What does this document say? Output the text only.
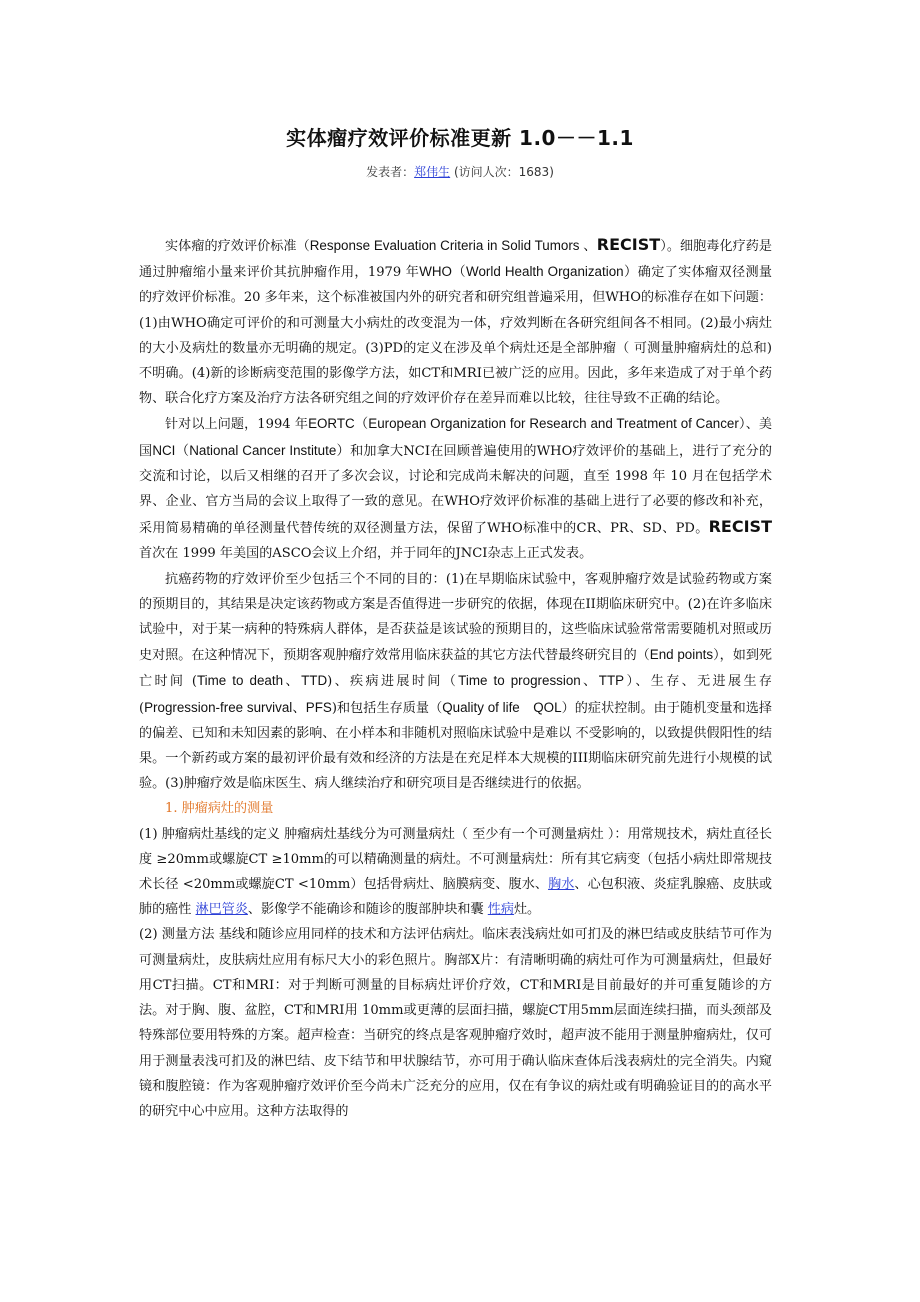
实体瘤疗效评价标准更新 1.0－－1.1
发表者：郑伟生 (访问人次：1683)

实体瘤的疗效评价标准（Response Evaluation Criteria in Solid Tumors 、RECIST）。细胞毒化疗药是通过肿瘤缩小量来评价其抗肿瘤作用，1979 年WHO（World Health Organization）确定了实体瘤双径测量的疗效评价标准。20 多年来，这个标准被国内外的研究者和研究组普遍采用，但WHO的标准存在如下问题：(1)由WHO确定可评价的和可测量大小病灶的改变混为一体，疗效判断在各研究组间各不相同。(2)最小病灶的大小及病灶的数量亦无明确的规定。(3)PD的定义在涉及单个病灶还是全部肿瘤（ 可测量肿瘤病灶的总和)不明确。(4)新的诊断病变范围的影像学方法，如CT和MRI已被广泛的应用。因此，多年来造成了对于单个药物、联合化疗方案及治疗方法各研究组之间的疗效评价存在差异而难以比较，往往导致不正确的结论。

针对以上问题，1994 年EORTC（European Organization for Research and Treatment of Cancer）、美国NCI（National Cancer Institute）和加拿大NCI在回顾普遍使用的WHO疗效评价的基础上，进行了充分的交流和讨论，以后又相继的召开了多次会议，讨论和完成尚未解决的问题，直至 1998 年 10 月在包括学术界、企业、官方当局的会议上取得了一致的意见。在WHO疗效评价标准的基础上进行了必要的修改和补充，采用简易精确的单径测量代替传统的双径测量方法，保留了WHO标准中的CR、PR、SD、PD。RECIST首次在 1999 年美国的ASCO会议上介绍，并于同年的JNCI杂志上正式发表。

抗癌药物的疗效评价至少包括三个不同的目的：(1)在早期临床试验中，客观肿瘤疗效是试验药物或方案的预期目的，其结果是决定该药物或方案是否值得进一步研究的依据，体现在II期临床研究中。(2)在许多临床试验中，对于某一病种的特殊病人群体，是否获益是该试验的预期目的，这些临床试验常常需要随机对照或历史对照。在这种情况下，预期客观肿瘤疗效常用临床获益的其它方法代替最终研究目的（End points），如到死亡时间 (Time to death、TTD)、疾病进展时间（Time to progression、TTP）、生存、无进展生存 (Progression-free survival、PFS)和包括生存质量（Quality of life　QOL）的症状控制。由于随机变量和选择的偏差、已知和未知因素的影响、在小样本和非随机对照临床试验中是难以 不受影响的，以致提供假阳性的结果。一个新药或方案的最初评价最有效和经济的方法是在充足样本大规模的III期临床研究前先进行小规模的试验。(3)肿瘤疗效是临床医生、病人继续治疗和研究项目是否继续进行的依据。

1. 肿瘤病灶的测量

(1) 肿瘤病灶基线的定义 肿瘤病灶基线分为可测量病灶（ 至少有一个可测量病灶 ）：用常规技术，病灶直径长度 ≥20mm或螺旋CT ≥10mm的可以精确测量的病灶。不可测量病灶：所有其它病变（包括小病灶即常规技术长径 <20mm或螺旋CT <10mm）包括骨病灶、脑膜病变、腹水、胸水、心包积液、炎症乳腺癌、皮肤或肺的癌性 淋巴管炎、影像学不能确诊和随诊的腹部肿块和囊 性病灶。

(2) 测量方法 基线和随诊应用同样的技术和方法评估病灶。临床表浅病灶如可扪及的淋巴结或皮肤结节可作为可测量病灶，皮肤病灶应用有标尺大小的彩色照片。胸部X片：有清晰明确的病灶可作为可测量病灶，但最好用CT扫描。CT和MRI：对于判断可测量的目标病灶评价疗效，CT和MRI是目前最好的并可重复随诊的方法。对于胸、腹、盆腔，CT和MRI用 10mm或更薄的层面扫描，螺旋CT用5mm层面连续扫描，而头颈部及特殊部位要用特殊的方案。超声检查：当研究的终点是客观肿瘤疗效时，超声波不能用于测量肿瘤病灶，仅可用于测量表浅可扪及的淋巴结、皮下结节和甲状腺结节，亦可用于确认临床查体后浅表病灶的完全消失。内窥镜和腹腔镜：作为客观肿瘤疗效评价至今尚未广泛充分的应用，仅在有争议的病灶或有明确验证目的的高水平的研究中心中应用。这种方法取得的
